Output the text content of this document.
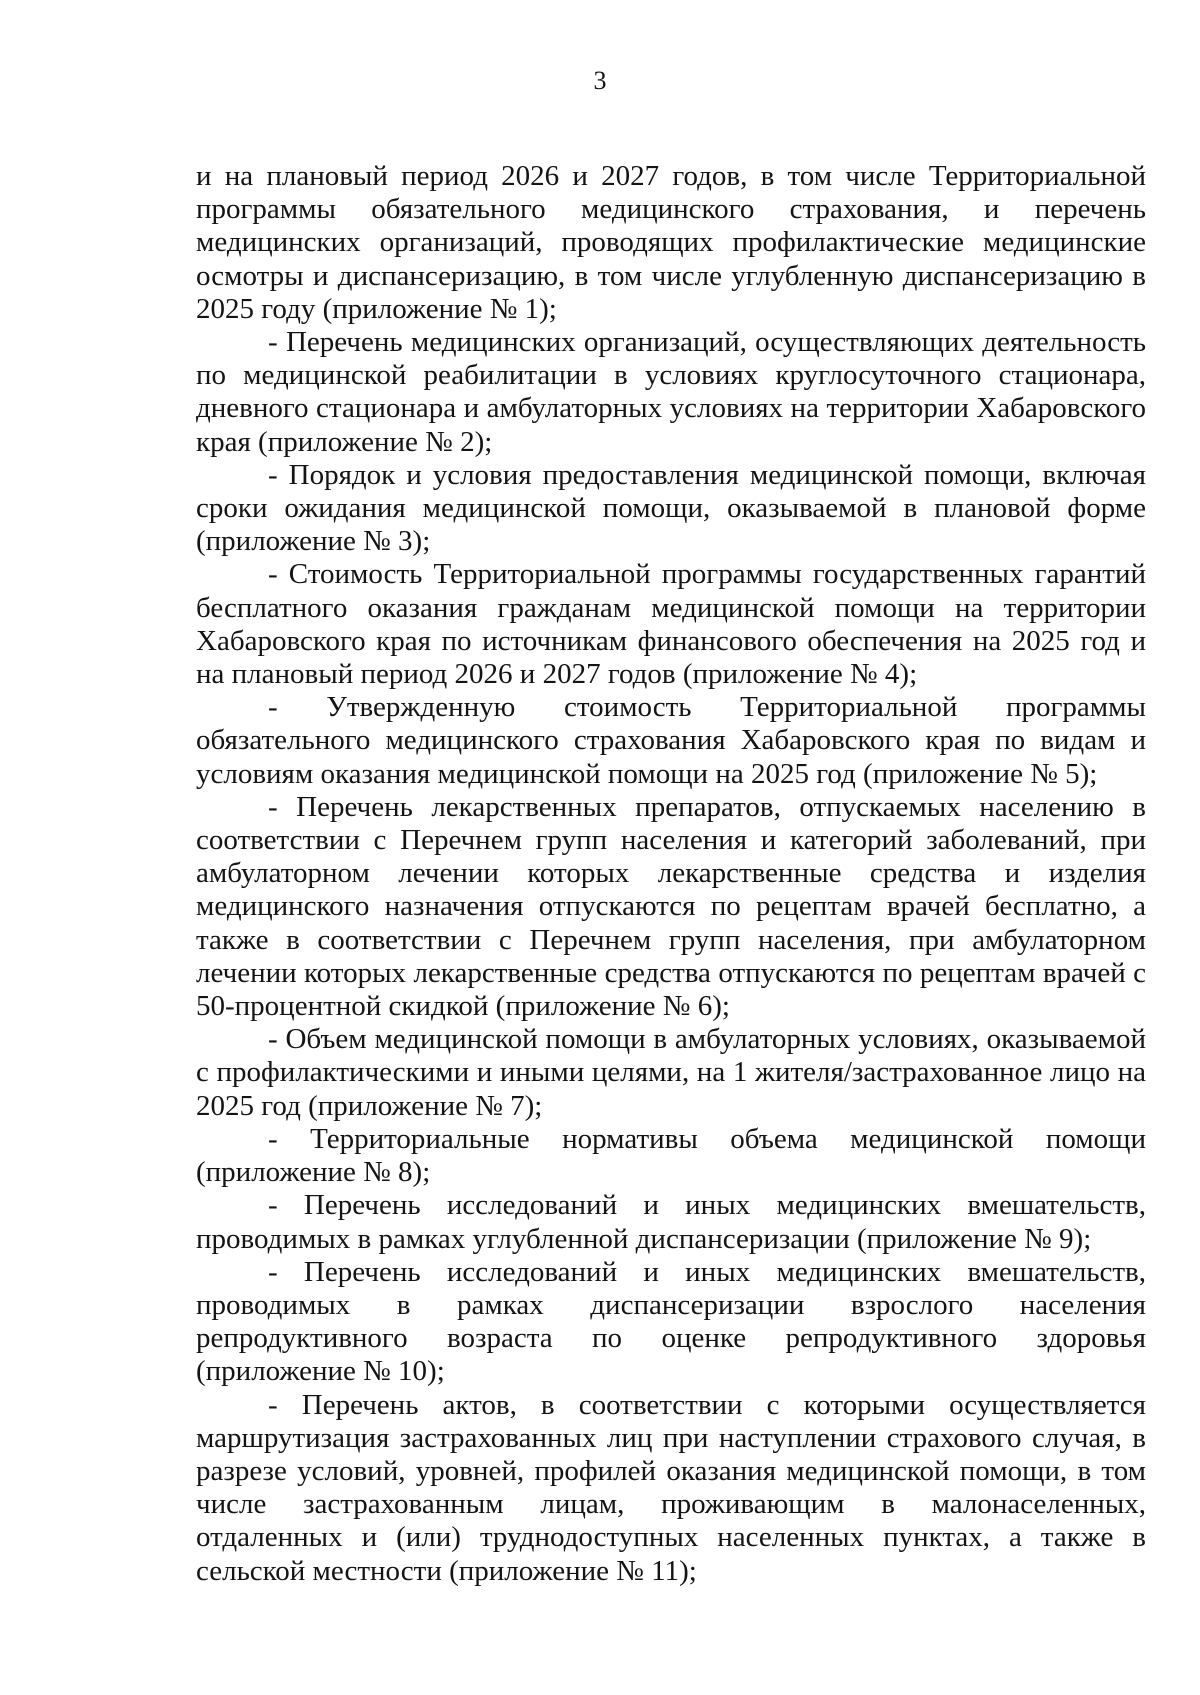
3

и на плановый период 2026 и 2027 годов, в том числе Территориальной программы обязательного медицинского страхования, и перечень медицинских организаций, проводящих профилактические медицинские осмотры и диспансеризацию, в том числе углубленную диспансеризацию в 2025 году (приложение № 1);

- Перечень медицинских организаций, осуществляющих деятельность по медицинской реабилитации в условиях круглосуточного стационара, дневного стационара и амбулаторных условиях на территории Хабаровского края (приложение № 2);

- Порядок и условия предоставления медицинской помощи, включая сроки ожидания медицинской помощи, оказываемой в плановой форме (приложение № 3);

- Стоимость Территориальной программы государственных гарантий бесплатного оказания гражданам медицинской помощи на территории Хабаровского края по источникам финансового обеспечения на 2025 год и на плановый период 2026 и 2027 годов (приложение № 4);

- Утвержденную стоимость Территориальной программы обязательного медицинского страхования Хабаровского края по видам и условиям оказания медицинской помощи на 2025 год (приложение № 5);

- Перечень лекарственных препаратов, отпускаемых населению в соответствии с Перечнем групп населения и категорий заболеваний, при амбулаторном лечении которых лекарственные средства и изделия медицинского назначения отпускаются по рецептам врачей бесплатно, а также в соответствии с Перечнем групп населения, при амбулаторном лечении которых лекарственные средства отпускаются по рецептам врачей с 50-процентной скидкой (приложение № 6);

- Объем медицинской помощи в амбулаторных условиях, оказываемой с профилактическими и иными целями, на 1 жителя/застрахованное лицо на 2025 год (приложение № 7);

- Территориальные нормативы объема медицинской помощи (приложение № 8);

- Перечень исследований и иных медицинских вмешательств, проводимых в рамках углубленной диспансеризации (приложение № 9);

- Перечень исследований и иных медицинских вмешательств, проводимых в рамках диспансеризации взрослого населения репродуктивного возраста по оценке репродуктивного здоровья (приложение № 10);

- Перечень актов, в соответствии с которыми осуществляется маршрутизация застрахованных лиц при наступлении страхового случая, в разрезе условий, уровней, профилей оказания медицинской помощи, в том числе застрахованным лицам, проживающим в малонаселенных, отдаленных и (или) труднодоступных населенных пунктах, а также в сельской местности (приложение № 11);
